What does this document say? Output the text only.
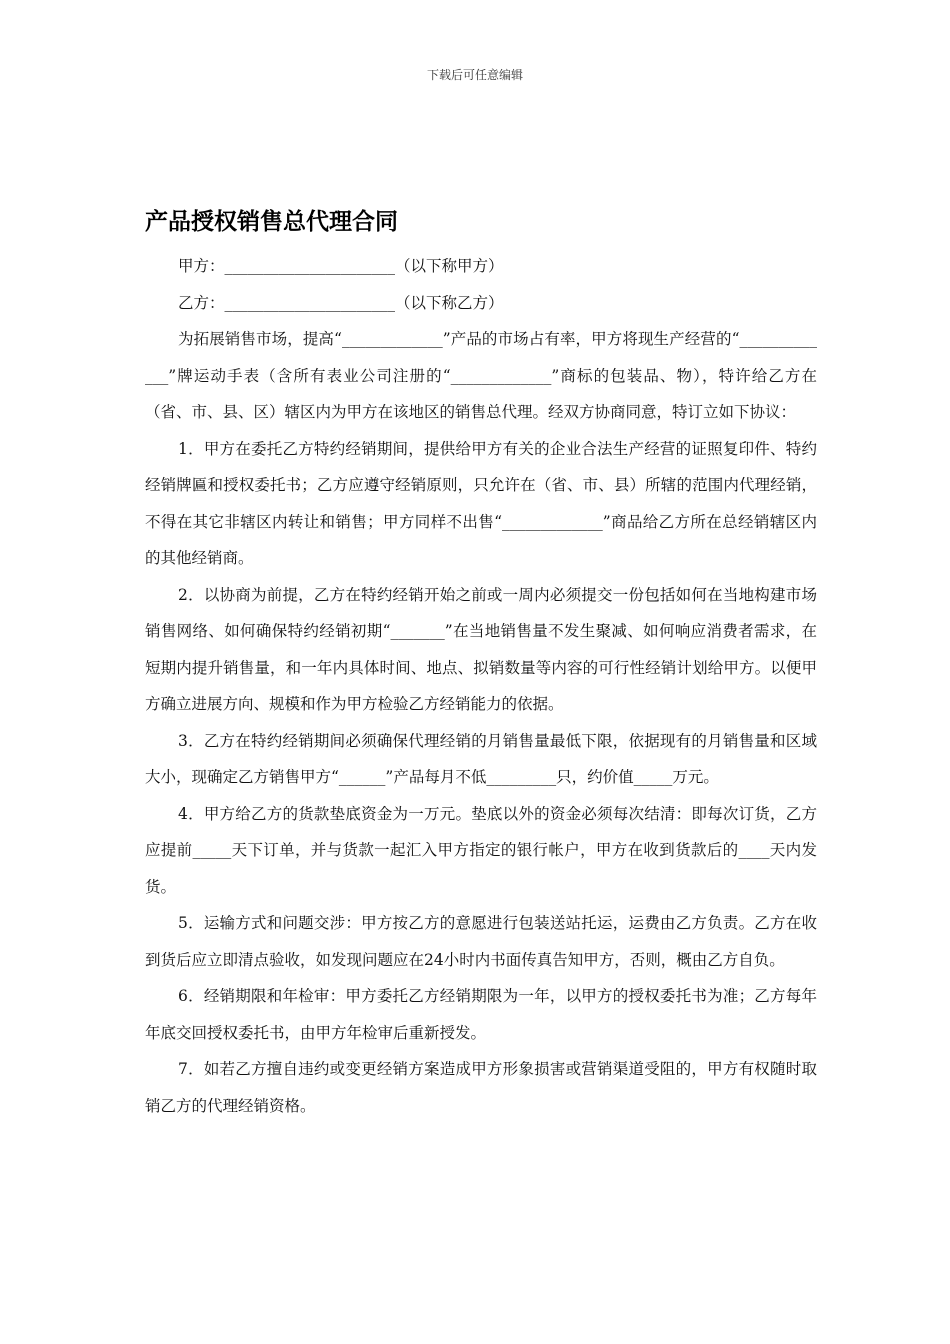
下载后可任意编辑
产品授权销售总代理合同
甲方：______________________（以下称甲方）
乙方：______________________（以下称乙方）

为拓展销售市场，提高“_____________”产品的市场占有率，甲方将现生产经营的“_____________”牌运动手表（含所有表业公司注册的“_____________”商标的包装品、物），特许给乙方在（省、市、县、区）辖区内为甲方在该地区的销售总代理。经双方协商同意，特订立如下协议：

1．甲方在委托乙方特约经销期间，提供给甲方有关的企业合法生产经营的证照复印件、特约经销牌匾和授权委托书；乙方应遵守经销原则，只允许在（省、市、县）所辖的范围内代理经销，不得在其它非辖区内转让和销售；甲方同样不出售“_____________”商品给乙方所在总经销辖区内的其他经销商。

2．以协商为前提，乙方在特约经销开始之前或一周内必须提交一份包括如何在当地构建市场销售网络、如何确保特约经销初期“_______”在当地销售量不发生聚减、如何响应消费者需求，在短期内提升销售量，和一年内具体时间、地点、拟销数量等内容的可行性经销计划给甲方。以便甲方确立进展方向、规模和作为甲方检验乙方经销能力的依据。

3．乙方在特约经销期间必须确保代理经销的月销售量最低下限，依据现有的月销售量和区域大小，现确定乙方销售甲方“______”产品每月不低_________只，约价值_____万元。

4．甲方给乙方的货款垫底资金为一万元。垫底以外的资金必须每次结清：即每次订货，乙方应提前_____天下订单，并与货款一起汇入甲方指定的银行帐户，甲方在收到货款后的____天内发货。

5．运输方式和问题交涉：甲方按乙方的意愿进行包装送站托运，运费由乙方负责。乙方在收到货后应立即清点验收，如发现问题应在24小时内书面传真告知甲方，否则，概由乙方自负。

6．经销期限和年检审：甲方委托乙方经销期限为一年，以甲方的授权委托书为准；乙方每年年底交回授权委托书，由甲方年检审后重新授发。

7．如若乙方擅自违约或变更经销方案造成甲方形象损害或营销渠道受阻的，甲方有权随时取销乙方的代理经销资格。
